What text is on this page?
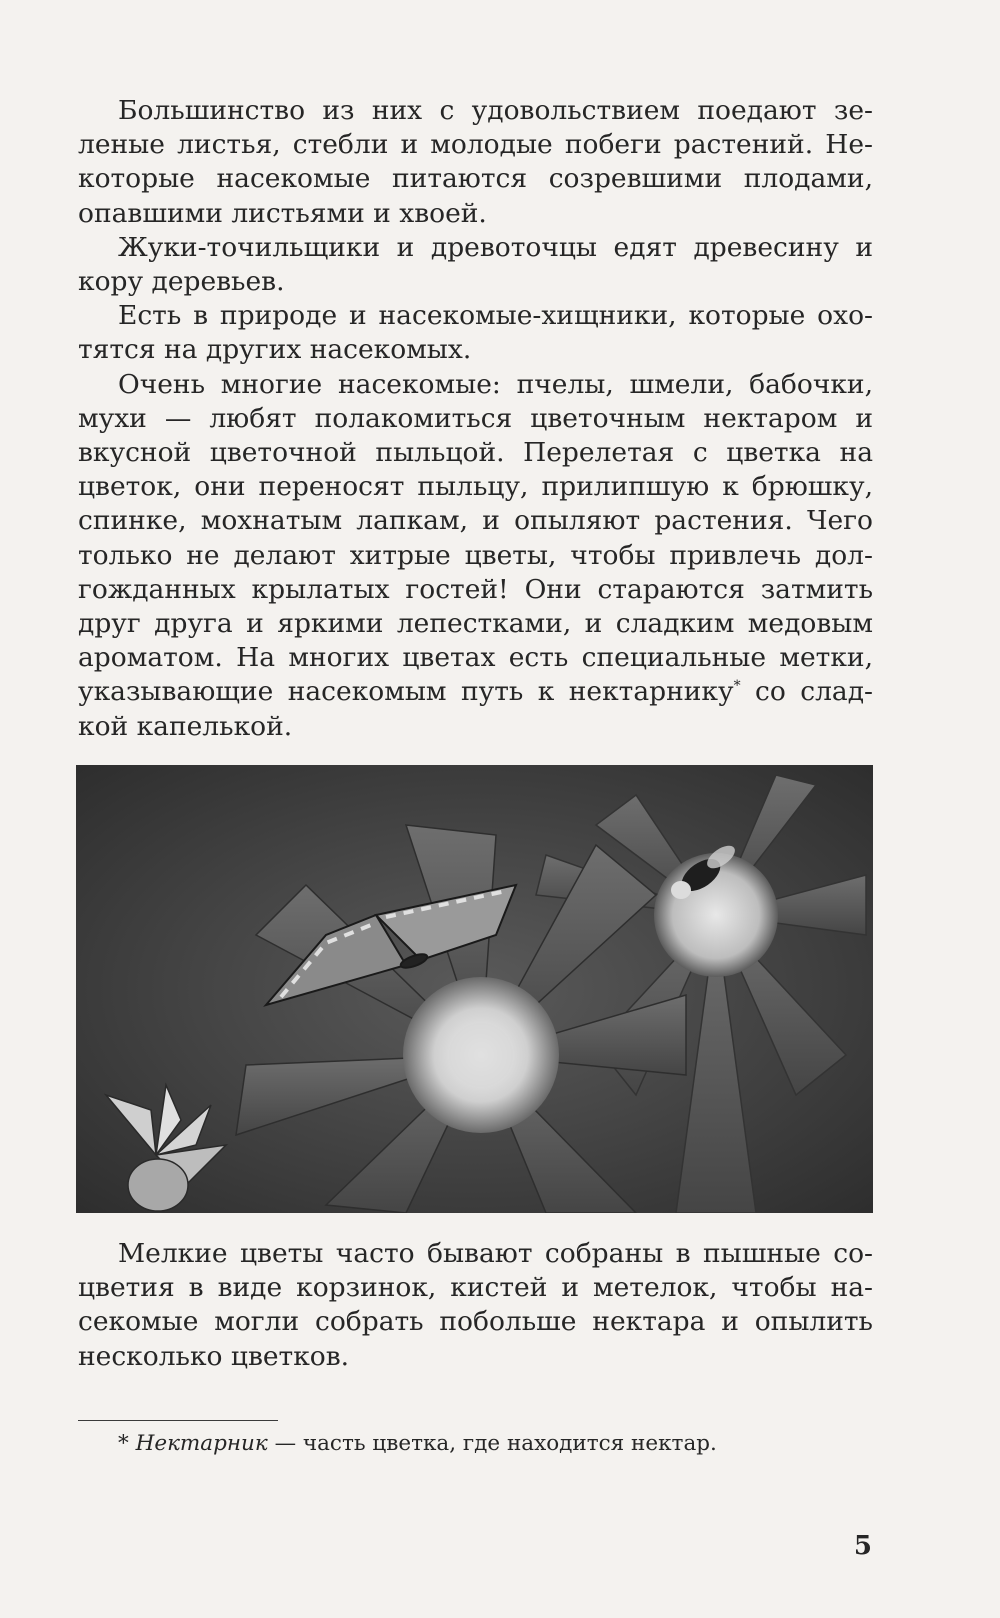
Большинство из них с удовольствием поедают зеленые листья, стебли и молодые побеги растений. Некоторые насекомые питаются созревшими плодами, опавшими листьями и хвоей.

Жуки-точильщики и древоточцы едят древесину и кору деревьев.

Есть в природе и насекомые-хищники, которые охотятся на других насекомых.

Очень многие насекомые: пчелы, шмели, бабочки, мухи — любят полакомиться цветочным нектаром и вкусной цветочной пыльцой. Перелетая с цветка на цветок, они переносят пыльцу, прилипшую к брюшку, спинке, мохнатым лапкам, и опыляют растения. Чего только не делают хитрые цветы, чтобы привлечь долгожданных крылатых гостей! Они стараются затмить друг друга и яркими лепестками, и сладким медовым ароматом. На многих цветах есть специальные метки, указывающие насекомым путь к нектарнику* со сладкой капелькой.

Мелкие цветы часто бывают собраны в пышные соцветия в виде корзинок, кистей и метелок, чтобы насекомые могли собрать побольше нектара и опылить несколько цветков.

* Нектарник — часть цветка, где находится нектар.
5
